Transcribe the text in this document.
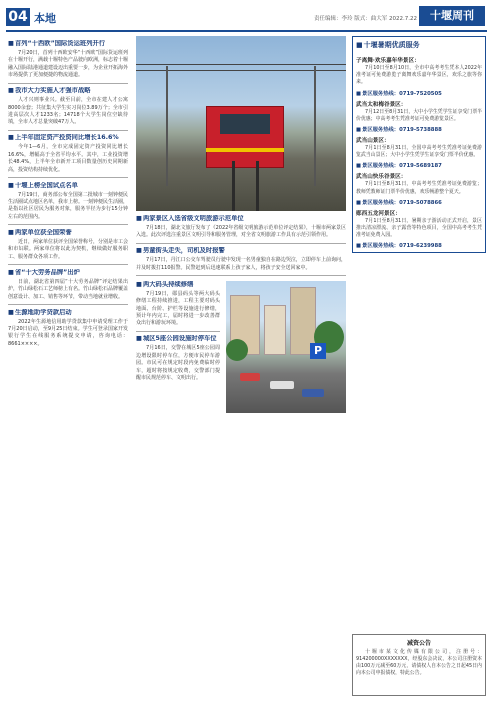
04 本地	责任编辑：李玲 版式：曲大军 2022.7.22	十堰周刊
■ 首列“十西欧”国际货运班列开行
7月20日，首列十西欧安华“十西欧”国际货运班列在十堰开行，满载十堰特色产品驶向欧洲，标志着十堰融入国际陆港通道建设迈出重要一步，为企业开拓海外市场提供了更加便捷的物流通道。
■ 我市大力实施人才强市战略
人才兴则事业兴。截至目前，全市在建人才公寓8000余套；共征集大学生实习岗位3.89万个；全市引进高层次人才1233名；14718个大学生岗位空缺待填，全市人才总量突破47万人。
■ 上半年固定资产投资同比增长16.6%
今年1—6月，全市完成固定资产投资同比增长16.6%，增幅高于全省平均水平。其中，工业投资增长48.4%，上半年全市新开工项目数量创历史同期新高，投资结构持续优化。
■ 十堰上榜全国试点名单
7月19日，商务部公布全国第二批城市一刻钟便民生活圈试点地区名单，我市上榜。一刻钟便民生活圈，是指以社区居民为服务对象，服务半径为步行15分钟左右的范围内。
■ 两家单位获全国荣誉
近日，两家单位获评全国荣誉称号，分别是市工会和市妇联。两家单位将以此为契机，继续做好服务职工、服务群众各项工作。
■ 省“十大劳务品牌”出炉
日前，湖北省第四届“十大劳务品牌”评定结果出炉，竹山绿松石工艺师榜上有名。竹山绿松石品牌覆盖创意设计、加工、销售等环节，带动当地就业增收。
■ 生源地助学贷款启动
2022年生源地信用助学贷款集中申请受理工作于7月20日启动，至9月25日结束。学生可登录国家开发银行学生在线服务系统提交申请，咨询电话：8661××××。
■ 两家景区入选省级文明旅游示范单位
7月18日，湖北文旅厅发布了《2022年省级文明旅游示范单位评定结果》，十堰市两家景区入选。此次评选注重景区文明引导和服务管理，对全省文明旅游工作具有示范引领作用。
■ 男童街头走失，司机及时报警
7月17日，丹江口公交车驾驶员行驶中发现一名男童独自在路边哭泣，立即停车上前询问，并及时拨打110报警。民警赶到后迅速联系上孩子家人，将孩子安全送回家中。
■ 两大码头持续修缮
7月19日，郧县码头等两大码头修缮工程持续推进，工程主要对码头地面、台阶、护栏等设施进行修缮，预计年内完工，届时将进一步改善群众出行和游玩环境。
■ 城区5座公园设施时停车位
7月16日，交警在城区5座公园周边增设限时停车位，方便市民停车游园。市民可在规定时段内免费临时停车，超时将按规定收费，交警部门提醒市民规范停车、文明出行。
P
■ 十堰暑期优质服务
子离舞·欢乐嘉年华景区：
7月10日至8月10日，全市中高考考生凭本人2022年准考证可免费游览子离舞欢乐嘉年华景区，欢乐之旅等你来。
■ 景区服务热线：0719-7520505
武当太和梅谷景区：
7月12日至8月31日，大中小学生凭学生证享受门票半价优惠；中高考考生凭准考证可免费游览景区。
■ 景区服务热线：0719-5738888
武当山景区：
7月1日至8月31日，全国中高考考生凭准考证免费游览武当山景区；大中小学生凭学生证享受门票半价优惠。
■ 景区服务热线：0719-5689187
武当山快乐谷景区：
7月1日至8月31日，中高考考生凭准考证免费游览；教师凭教师证门票半价优惠，欢乐畅游整个夏天。
■ 景区服务热线：0719-5078866
郧西五龙河景区：
7月1日至8月31日，暑期亲子游活动正式开启，景区推出清凉漂流、亲子露营等特色项目，全国中高考考生凭准考证免费入园。
■ 景区服务热线：0719-6239988
减资公告
十堰市某文化传媒有限公司，注册号：914200000XXXXXXX，经股东会决议，本公司注册资本由100万元减至60万元，请债权人自本公告之日起45日内向本公司申报债权，特此公告。
